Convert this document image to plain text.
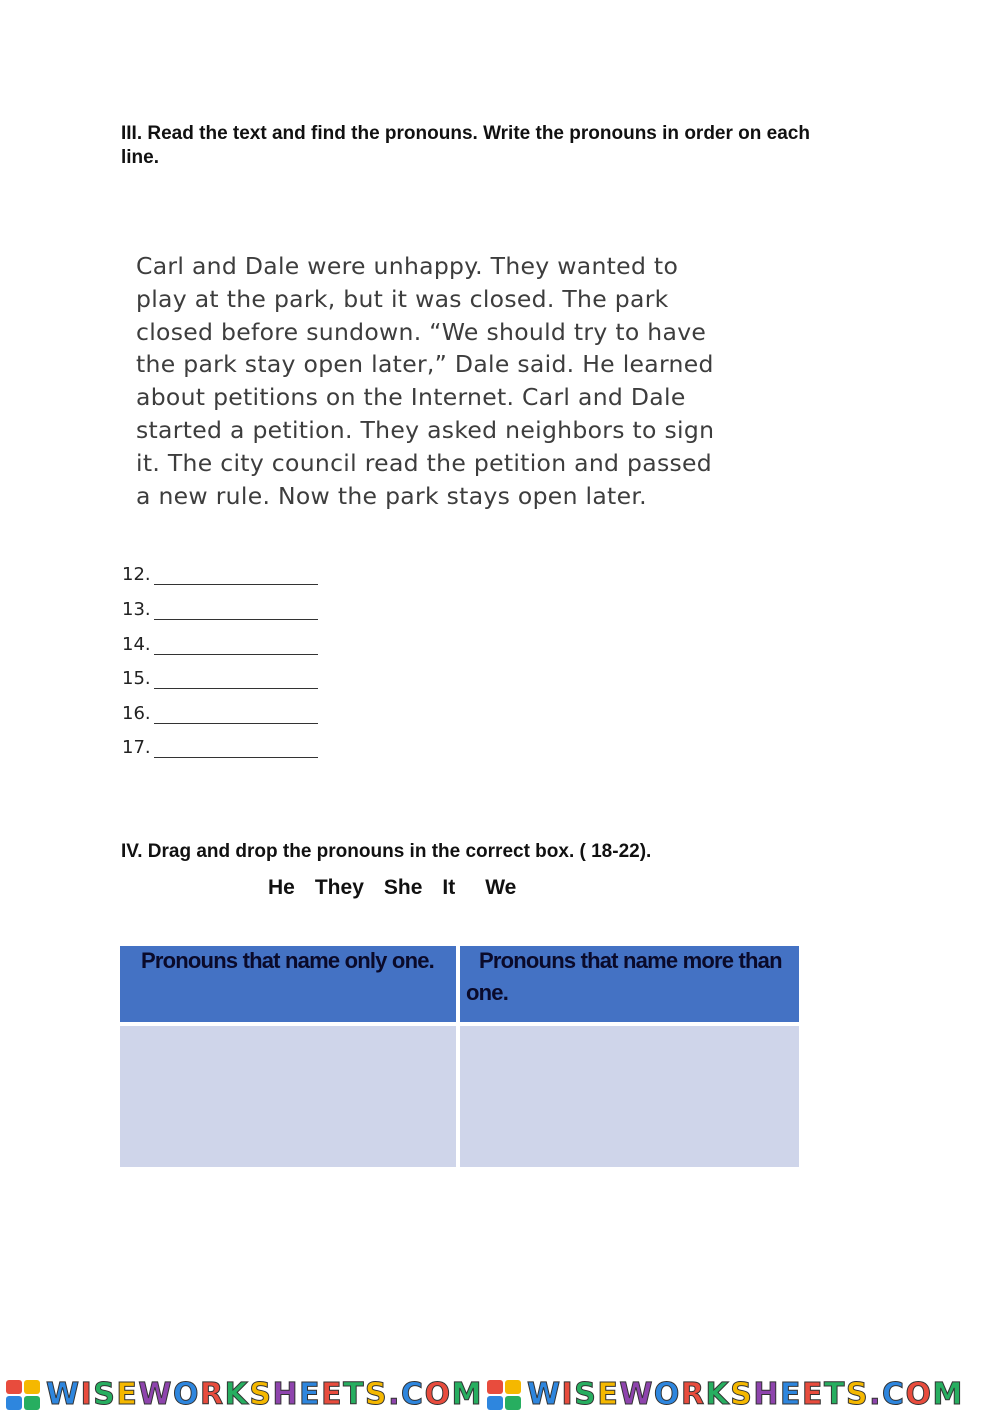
III. Read the text and find the pronouns. Write the pronouns in order on each
line.
Carl and Dale were unhappy. They wanted to
play at the park, but it was closed. The park
closed before sundown. “We should try to have
the park stay open later,” Dale said. He learned
about petitions on the Internet. Carl and Dale
started a petition. They asked neighbors to sign
it. The city council read the petition and passed
a new rule. Now the park stays open later.
12.
13.
14.
15.
16.
17.
IV. Drag and drop the pronouns in the correct box. ( 18-22).
He They She It We
Pronouns that name only one.	Pronouns that name more than
one.
WISEWORKSHEETS.COM WISEWORKSHEETS.COM
